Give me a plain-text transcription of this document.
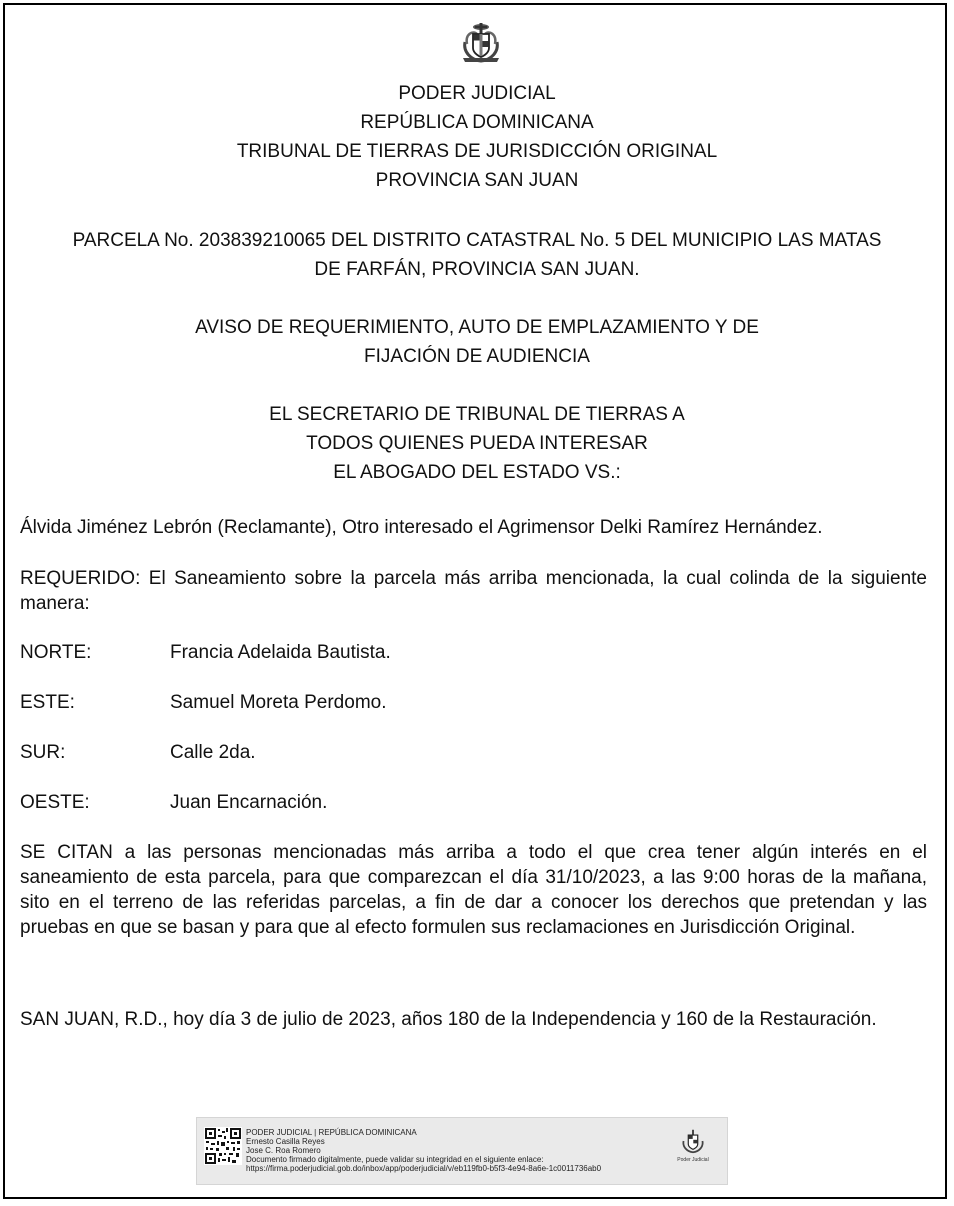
PODER JUDICIAL
REPÚBLICA DOMINICANA
TRIBUNAL DE TIERRAS DE JURISDICCIÓN ORIGINAL
PROVINCIA SAN JUAN
PARCELA No. 203839210065 DEL DISTRITO CATASTRAL No. 5 DEL MUNICIPIO LAS MATAS
DE FARFÁN, PROVINCIA SAN JUAN.
AVISO DE REQUERIMIENTO, AUTO DE EMPLAZAMIENTO Y DE
FIJACIÓN DE AUDIENCIA
EL SECRETARIO DE TRIBUNAL DE TIERRAS A
TODOS QUIENES PUEDA INTERESAR
EL ABOGADO DEL ESTADO VS.:
Álvida Jiménez Lebrón (Reclamante), Otro interesado el Agrimensor Delki Ramírez Hernández.
REQUERIDO: El Saneamiento sobre la parcela más arriba mencionada, la cual colinda de la siguiente manera:
NORTE:	Francia Adelaida Bautista.
ESTE:	Samuel Moreta Perdomo.
SUR:	Calle 2da.
OESTE:	Juan Encarnación.
SE CITAN a las personas mencionadas más arriba a todo el que crea tener algún interés en el saneamiento de esta parcela, para que comparezcan el día 31/10/2023, a las 9:00 horas de la mañana, sito en el terreno de las referidas parcelas, a fin de dar a conocer los derechos que pretendan y las pruebas en que se basan y para que al efecto formulen sus reclamaciones en Jurisdicción Original.
SAN JUAN, R.D., hoy día 3 de julio de 2023, años 180 de la Independencia y 160 de la Restauración.
PODER JUDICIAL | REPÚBLICA DOMINICANA
Ernesto Casilla Reyes
Jose C. Roa Romero
Documento firmado digitalmente, puede validar su integridad en el siguiente enlace:
https://firma.poderjudicial.gob.do/inbox/app/poderjudicial/v/eb119fb0-b5f3-4e94-8a6e-1c0011736ab0
Poder Judicial
